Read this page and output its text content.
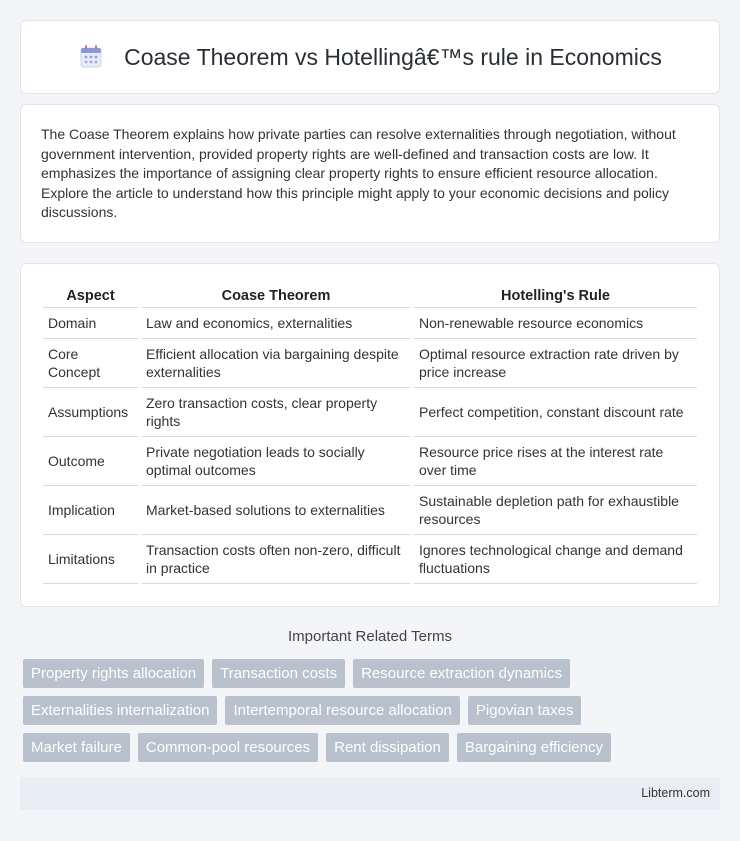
Coase Theorem vs Hotellingâ€™s rule in Economics

The Coase Theorem explains how private parties can resolve externalities through negotiation, without government intervention, provided property rights are well-defined and transaction costs are low. It emphasizes the importance of assigning clear property rights to ensure efficient resource allocation. Explore the article to understand how this principle might apply to your economic decisions and policy discussions.

Aspect	Coase Theorem	Hotelling's Rule
Domain	Law and economics, externalities	Non-renewable resource economics
Core Concept	Efficient allocation via bargaining despite externalities	Optimal resource extraction rate driven by price increase
Assumptions	Zero transaction costs, clear property rights	Perfect competition, constant discount rate
Outcome	Private negotiation leads to socially optimal outcomes	Resource price rises at the interest rate over time
Implication	Market-based solutions to externalities	Sustainable depletion path for exhaustible resources
Limitations	Transaction costs often non-zero, difficult in practice	Ignores technological change and demand fluctuations
Important Related Terms
Property rights allocation	Transaction costs	Resource extraction dynamics
Externalities internalization	Intertemporal resource allocation	Pigovian taxes
Market failure	Common-pool resources	Rent dissipation	Bargaining efficiency
Libterm.com
